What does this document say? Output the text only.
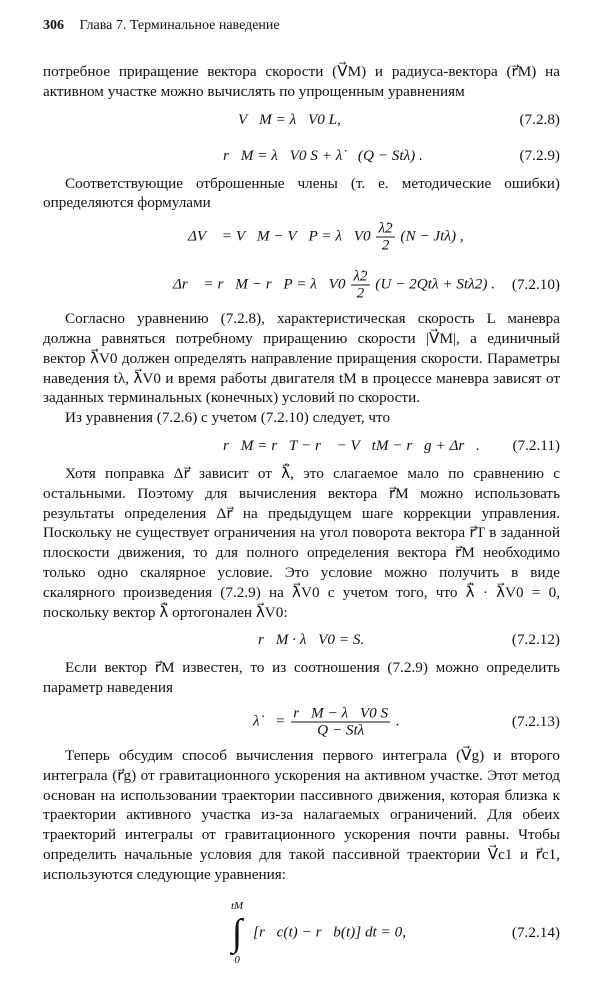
306 Глава 7. Терминальное наведение

потребное приращение вектора скорости (V⃗M) и радиуса-вектора (r⃗M) на активном участке можно вычислять по упрощенным уравнениям

V⃗M = λ⃗V0 L,	(7.2.8)
r⃗M = λ⃗V0 S + λ̇⃗ (Q − Stλ) .	(7.2.9)

Соответствующие отброшенные члены (т. е. методические ошибки) определяются формулами

ΔV⃗ = V⃗M − V⃗P = λ⃗V0 $\frac{\lambdȧ2}{2} (N - Jt\lambda)$ ,
Δr⃗ = r⃗M − r⃗P = λ⃗V0 $\frac{\lambdȧ2}{2} (U - 2Qt\lambda + St\lambda 2)$ . (7.2.10)

Согласно уравнению (7.2.8), характеристическая скорость L маневра должна равняться потребному приращению скорости |V⃗M|, а единичный вектор λ⃗V0 должен определять направление приращения скорости. Параметры наведения tλ, λ⃗V0 и время работы двигателя tM в процессе маневра зависят от заданных терминальных (конечных) условий по скорости.

Из уравнения (7.2.6) с учетом (7.2.10) следует, что

r⃗M = r⃗T − r⃗ − V⃗tM − r⃗g + Δr⃗. (7.2.11)

Хотя поправка Δr⃗ зависит от λ̇⃗, это слагаемое мало по сравнению с остальными. Поэтому для вычисления вектора r⃗M можно использовать результаты определения Δr⃗ на предыдущем шаге коррекции управления. Поскольку не существует ограничения на угол поворота вектора r⃗T в заданной плоскости движения, то для полного определения вектора r⃗M необходимо только одно скалярное условие. Это условие можно получить в виде скалярного произведения (7.2.9) на λ⃗V0 с учетом того, что λ̇⃗ · λ⃗V0 = 0, поскольку вектор λ̇⃗ ортогонален λ⃗V0:

r⃗M · λ⃗V0 = S.	(7.2.12)

Если вектор r⃗M известен, то из соотношения (7.2.9) можно определить параметр наведения

λ̇⃗ = $\frac{r⃗M - \lambda⃗V0 S}{\text{Q − Stλ}}$ .	(7.2.13)

Теперь обсудим способ вычисления первого интеграла (V⃗g) и второго интеграла (r⃗g) от гравитационного ускорения на активном участке. Этот метод основан на использовании траектории пассивного движения, которая близка к траектории активного участка из-за налагаемых ограничений. Для обеих траекторий интегралы от гравитационного ускорения почти равны. Чтобы определить начальные условия для такой пассивной траектории V⃗c1 и r⃗c1, используются следующие уравнения:

tM
∫
0
[r⃗c(t) − r⃗b(t)] dt = 0,	(7.2.14)
